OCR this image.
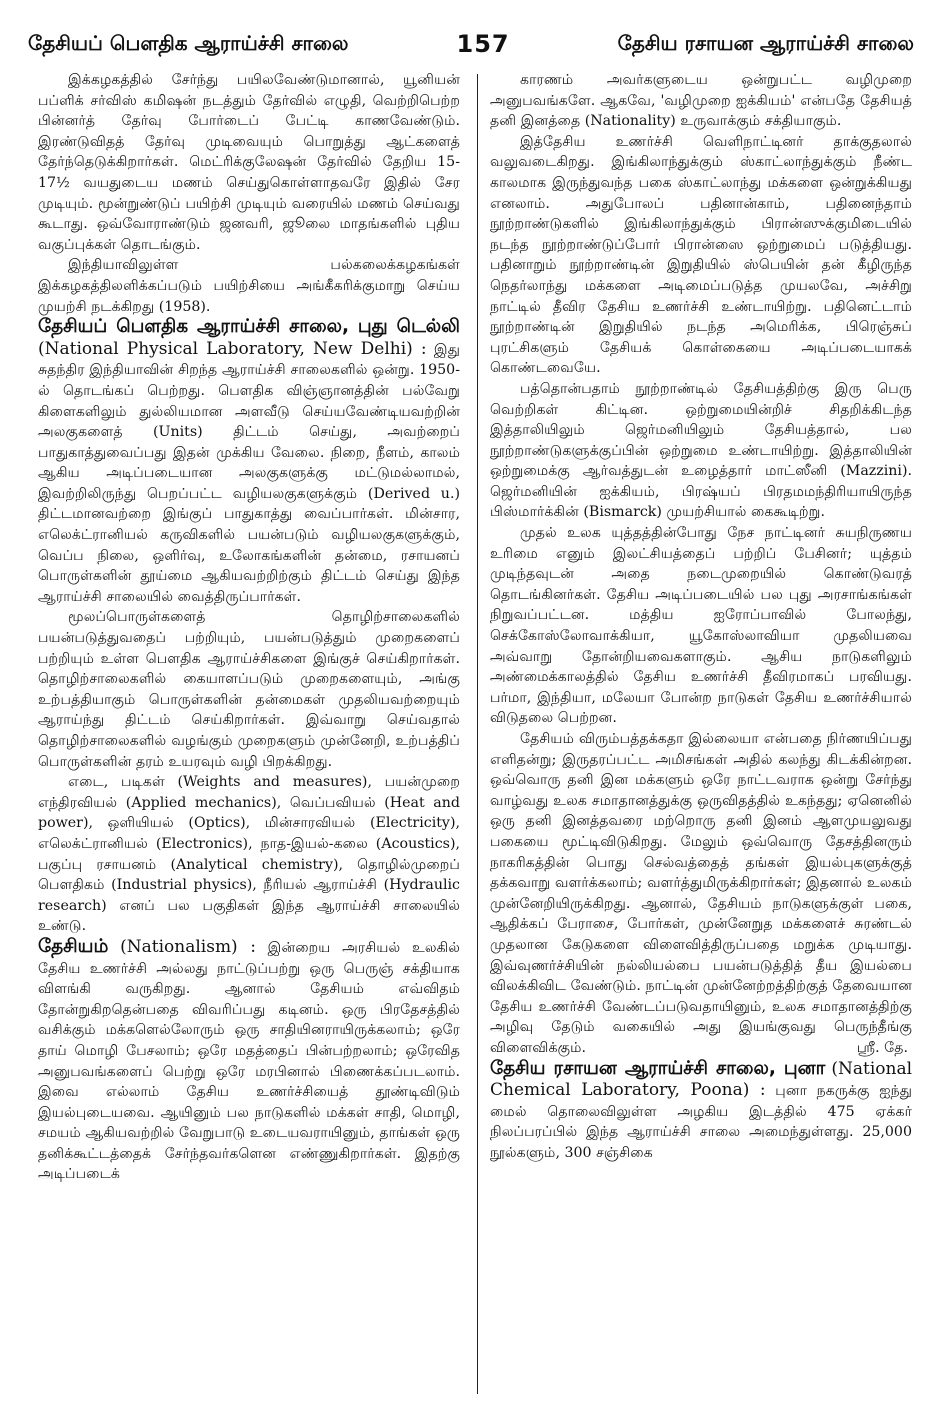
தேசியப் பௌதிக ஆராய்ச்சி சாலை	157	தேசிய ரசாயன ஆராய்ச்சி சாலை

இக்கழகத்தில் சேர்ந்து பயிலவேண்டுமானால், யூனியன் பப்ளிக் சர்விஸ் கமிஷன் நடத்தும் தேர்வில் எழுதி, வெற்றிபெற்ற பின்னர்த் தேர்வு போர்டைப் பேட்டி காணவேண்டும். இரண்டுவிதத் தேர்வு முடிவையும் பொறுத்து ஆட்களைத் தேர்ந்தெடுக்கிறார்கள். மெட்ரிக்குலேஷன் தேர்வில் தேறிய 15-17½ வயதுடைய மணம் செய்துகொள்ளாதவரே இதில் சேர முடியும். மூன்றுண்டுப் பயிற்சி முடியும் வரையில் மணம் செய்வது கூடாது. ஒவ்வோராண்டும் ஜனவரி, ஜூலை மாதங்களில் புதிய வகுப்புக்கள் தொடங்கும்.

இந்தியாவிலுள்ள பல்கலைக்கழகங்கள் இக்கழகத்திலளிக்கப்படும் பயிற்சியை அங்கீகரிக்குமாறு செய்ய முயற்சி நடக்கிறது (1958).

தேசியப் பௌதிக ஆராய்ச்சி சாலை, புது டெல்லி (National Physical Laboratory, New Delhi) : இது சுதந்திர இந்தியாவின் சிறந்த ஆராய்ச்சி சாலைகளில் ஒன்று. 1950-ல் தொடங்கப் பெற்றது. பௌதிக விஞ்ஞானத்தின் பல்வேறு கிளைகளிலும் துல்லியமான அளவீடு செய்யவேண்டியவற்றின் அலகுகளைத் (Units) திட்டம் செய்து, அவற்றைப் பாதுகாத்துவைப்பது இதன் முக்கிய வேலை. நிறை, நீளம், காலம் ஆகிய அடிப்படையான அலகுகளுக்கு மட்டுமல்லாமல், இவற்றிலிருந்து பெறப்பட்ட வழியலகுகளுக்கும் (Derived u.) திட்டமானவற்றை இங்குப் பாதுகாத்து வைப்பார்கள். மின்சார, எலெக்ட்ரானியல் கருவிகளில் பயன்படும் வழியலகுகளுக்கும், வெப்ப நிலை, ஒளிர்வு, உலோகங்களின் தன்மை, ரசாயனப் பொருள்களின் தூய்மை ஆகியவற்றிற்கும் திட்டம் செய்து இந்த ஆராய்ச்சி சாலையில் வைத்திருப்பார்கள்.

மூலப்பொருள்களைத் தொழிற்சாலைகளில் பயன்படுத்துவதைப் பற்றியும், பயன்படுத்தும் முறைகளைப் பற்றியும் உள்ள பௌதிக ஆராய்ச்சிகளை இங்குச் செய்கிறார்கள். தொழிற்சாலைகளில் கையாளப்படும் முறைகளையும், அங்கு உற்பத்தியாகும் பொருள்களின் தன்மைகள் முதலியவற்றையும் ஆராய்ந்து திட்டம் செய்கிறார்கள். இவ்வாறு செய்வதால் தொழிற்சாலைகளில் வழங்கும் முறைகளும் முன்னேறி, உற்பத்திப் பொருள்களின் தரம் உயரவும் வழி பிறக்கிறது.

எடை, படிகள் (Weights and measures), பயன்முறை எந்திரவியல் (Applied mechanics), வெப்பவியல் (Heat and power), ஒளியியல் (Optics), மின்சாரவியல் (Electricity), எலெக்ட்ரானியல் (Electronics), நாத-இயல்-கலை (Acoustics), பகுப்பு ரசாயனம் (Analytical chemistry), தொழில்முறைப் பௌதிகம் (Industrial physics), நீரியல் ஆராய்ச்சி (Hydraulic research) எனப் பல பகுதிகள் இந்த ஆராய்ச்சி சாலையில் உண்டு.

தேசியம் (Nationalism) : இன்றைய அரசியல் உலகில் தேசிய உணர்ச்சி அல்லது நாட்டுப்பற்று ஒரு பெருஞ் சக்தியாக விளங்கி வருகிறது. ஆனால் தேசியம் எவ்விதம் தோன்றுகிறதென்பதை விவரிப்பது கடினம். ஒரு பிரதேசத்தில் வசிக்கும் மக்களெல்லோரும் ஒரு சாதியினராயிருக்கலாம்; ஒரே தாய் மொழி பேசலாம்; ஒரே மதத்தைப் பின்பற்றலாம்; ஒரேவித அனுபவங்களைப் பெற்று ஒரே மரபினால் பிணைக்கப்படலாம். இவை எல்லாம் தேசிய உணர்ச்சியைத் தூண்டிவிடும் இயல்புடையவை. ஆயினும் பல நாடுகளில் மக்கள் சாதி, மொழி, சமயம் ஆகியவற்றில் வேறுபாடு உடையவராயினும், தாங்கள் ஒரு தனிக்கூட்டத்தைக் சேர்ந்தவர்களென எண்ணுகிறார்கள். இதற்கு அடிப்படைக்

காரணம் அவர்களுடைய ஒன்றுபட்ட வழிமுறை அனுபவங்களே. ஆகவே, 'வழிமுறை ஐக்கியம்' என்பதே தேசியத் தனி இனத்தை (Nationality) உருவாக்கும் சக்தியாகும்.

இத்தேசிய உணர்ச்சி வெளிநாட்டினர் தாக்குதலால் வலுவடைகிறது. இங்கிலாந்துக்கும் ஸ்காட்லாந்துக்கும் நீண்ட காலமாக இருந்துவந்த பகை ஸ்காட்லாந்து மக்களை ஒன்றுக்கியது எனலாம். அதுபோலப் பதினான்காம், பதினைந்தாம் நூற்றாண்டுகளில் இங்கிலாந்துக்கும் பிரான்ஸுக்குமிடையில் நடந்த நூற்றாண்டுப்போர் பிரான்ஸை ஒற்றுமைப் படுத்தியது. பதினாறும் நூற்றாண்டின் இறுதியில் ஸ்பெயின் தன் கீழிருந்த நெதர்லாந்து மக்களை அடிமைப்படுத்த முயலவே, அச்சிறு நாட்டில் தீவிர தேசிய உணர்ச்சி உண்டாயிற்று. பதினெட்டாம் நூற்றாண்டின் இறுதியில் நடந்த அமெரிக்க, பிரெஞ்சுப் புரட்சிகளும் தேசியக் கொள்கையை அடிப்படையாகக் கொண்டவையே.

பத்தொன்பதாம் நூற்றாண்டில் தேசியத்திற்கு இரு பெரு வெற்றிகள் கிட்டின. ஒற்றுமையின்றிச் சிதறிக்கிடந்த இத்தாலியிலும் ஜெர்மனியிலும் தேசியத்தால், பல நூற்றாண்டுகளுக்குப்பின் ஒற்றுமை உண்டாயிற்று. இத்தாலியின் ஒற்றுமைக்கு ஆர்வத்துடன் உழைத்தார் மாட்ஸீனி (Mazzini). ஜெர்மனியின் ஐக்கியம், பிரஷ்யப் பிரதமமந்திரியாயிருந்த பிஸ்மார்க்கின் (Bismarck) முயற்சியால் கைகூடிற்று.

முதல் உலக யுத்தத்தின்போது நேச நாட்டினர் சுயநிருணய உரிமை எனும் இலட்சியத்தைப் பற்றிப் பேசினர்; யுத்தம் முடிந்தவுடன் அதை நடைமுறையில் கொண்டுவரத் தொடங்கினர்கள். தேசிய அடிப்படையில் பல புது அரசாங்கங்கள் நிறுவப்பட்டன. மத்திய ஐரோப்பாவில் போலந்து, செக்கோஸ்லோவாக்கியா, யூகோஸ்லாவியா முதலியவை அவ்வாறு தோன்றியவைகளாகும். ஆசிய நாடுகளிலும் அண்மைக்காலத்தில் தேசிய உணர்ச்சி தீவிரமாகப் பரவியது. பர்மா, இந்தியா, மலேயா போன்ற நாடுகள் தேசிய உணர்ச்சியால் விடுதலை பெற்றன.

தேசியம் விரும்பத்தக்கதா இல்லையா என்பதை நிர்ணயிப்பது எளிதன்று; இருதரப்பட்ட அமிசங்கள் அதில் கலந்து கிடக்கின்றன. ஒவ்வொரு தனி இன மக்களும் ஒரே நாட்டவராக ஒன்று சேர்ந்து வாழ்வது உலக சமாதானத்துக்கு ஒருவிதத்தில் உகந்தது; ஏனெனில் ஒரு தனி இனத்தவரை மற்றொரு தனி இனம் ஆளமுயலுவது பகையை மூட்டிவிடுகிறது. மேலும் ஒவ்வொரு தேசத்தினரும் நாகரிகத்தின் பொது செல்வத்தைத் தங்கள் இயல்புகளுக்குத் தக்கவாறு வளர்க்கலாம்; வளர்த்துமிருக்கிறார்கள்; இதனால் உலகம் முன்னேறியிருக்கிறது. ஆனால், தேசியம் நாடுகளுக்குள் பகை, ஆதிக்கப் பேராசை, போர்கள், முன்னேறுத மக்களைச் சுரண்டல் முதலான கேடுகளை விளைவித்திருப்பதை மறுக்க முடியாது. இவ்வுணர்ச்சியின் நல்லியல்பை பயன்படுத்தித் தீய இயல்பை விலக்கிவிட வேண்டும். நாட்டின் முன்னேற்றத்திற்குத் தேவையான தேசிய உணர்ச்சி வேண்டப்படுவதாயினும், உலக சமாதானத்திற்கு அழிவு தேடும் வகையில் அது இயங்குவது பெருந்தீங்கு விளைவிக்கும்.	ஸ்ரீ. தே.

தேசிய ரசாயன ஆராய்ச்சி சாலை, புனா (National Chemical Laboratory, Poona) : புனா நகருக்கு ஐந்து மைல் தொலைவிலுள்ள அழகிய இடத்தில் 475 ஏக்கர் நிலப்பரப்பில் இந்த ஆராய்ச்சி சாலை அமைந்துள்ளது. 25,000 நூல்களும், 300 சஞ்சிகை
